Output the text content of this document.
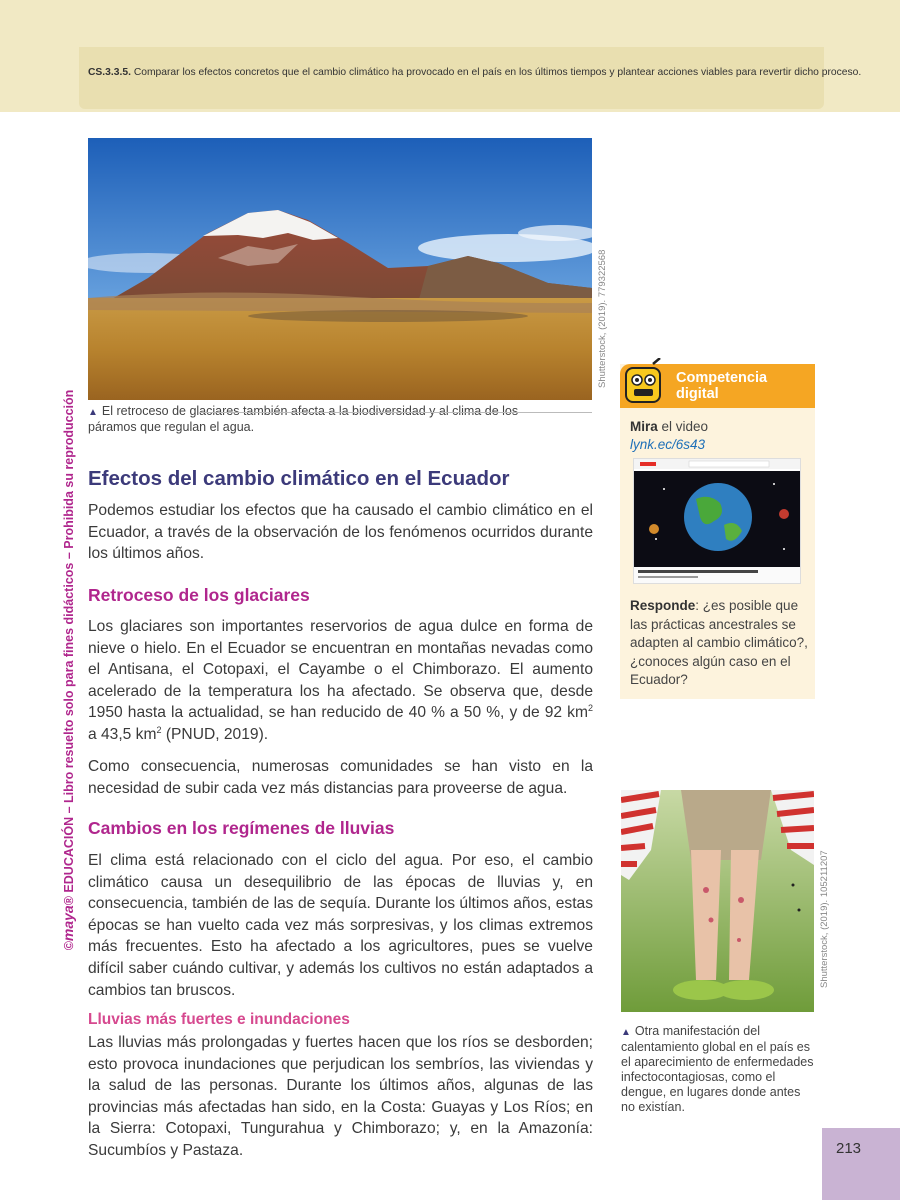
CS.3.3.5. Comparar los efectos concretos que el cambio climático ha provocado en el país en los últimos tiempos y plantear acciones viables para revertir dicho proceso.
©maya® EDUCACIÓN – Libro resuelto solo para fines didácticos – Prohibida su reproducción
Shutterstock, (2019). 779322568
▲ El retroceso de glaciares también afecta a la biodiversidad y al clima de los páramos que regulan el agua.
Efectos del cambio climático en el Ecuador

Podemos estudiar los efectos que ha causado el cambio climático en el Ecuador, a través de la observación de los fenómenos ocurridos durante los últimos años.

Retroceso de los glaciares

Los glaciares son importantes reservorios de agua dulce en forma de nieve o hielo. En el Ecuador se encuentran en montañas nevadas como el Antisana, el Cotopaxi, el Cayambe o el Chimborazo. El aumento acelerado de la temperatura los ha afectado. Se observa que, desde 1950 hasta la actualidad, se han reducido de 40 % a 50 %, y de 92 $km^2$ a 43,5 $km^2$ (PNUD, 2019).

Como consecuencia, numerosas comunidades se han visto en la necesidad de subir cada vez más distancias para proveerse de agua.

Cambios en los regímenes de lluvias

El clima está relacionado con el ciclo del agua. Por eso, el cambio climático causa un desequilibrio de las épocas de lluvias y, en consecuencia, también de las de sequía. Durante los últimos años, estas épocas se han vuelto cada vez más sorpresivas, y los climas extremos más frecuentes. Esto ha afectado a los agricultores, pues se vuelve difícil saber cuándo cultivar, y además los cultivos no están adaptados a cambios tan bruscos.

Lluvias más fuertes e inundaciones

Las lluvias más prolongadas y fuertes hacen que los ríos se desborden; esto provoca inundaciones que perjudican los sembríos, las viviendas y la salud de las personas. Durante los últimos años, algunas de las provincias más afectadas han sido, en la Costa: Guayas y Los Ríos; en la Sierra: Cotopaxi, Tungurahua y Chimborazo; y, en la Amazonía: Sucumbíos y Pastaza.

Competencia
digital
Mira el video
lynk.ec/6s43
Responde: ¿es posible que las prácticas ancestrales se adapten al cambio climático?, ¿conoces algún caso en el Ecuador?
Shutterstock, (2019). 105211207
▲ Otra manifestación del calentamiento global en el país es el aparecimiento de enfermedades infectocontagiosas, como el dengue, en lugares donde antes no existían.
213
